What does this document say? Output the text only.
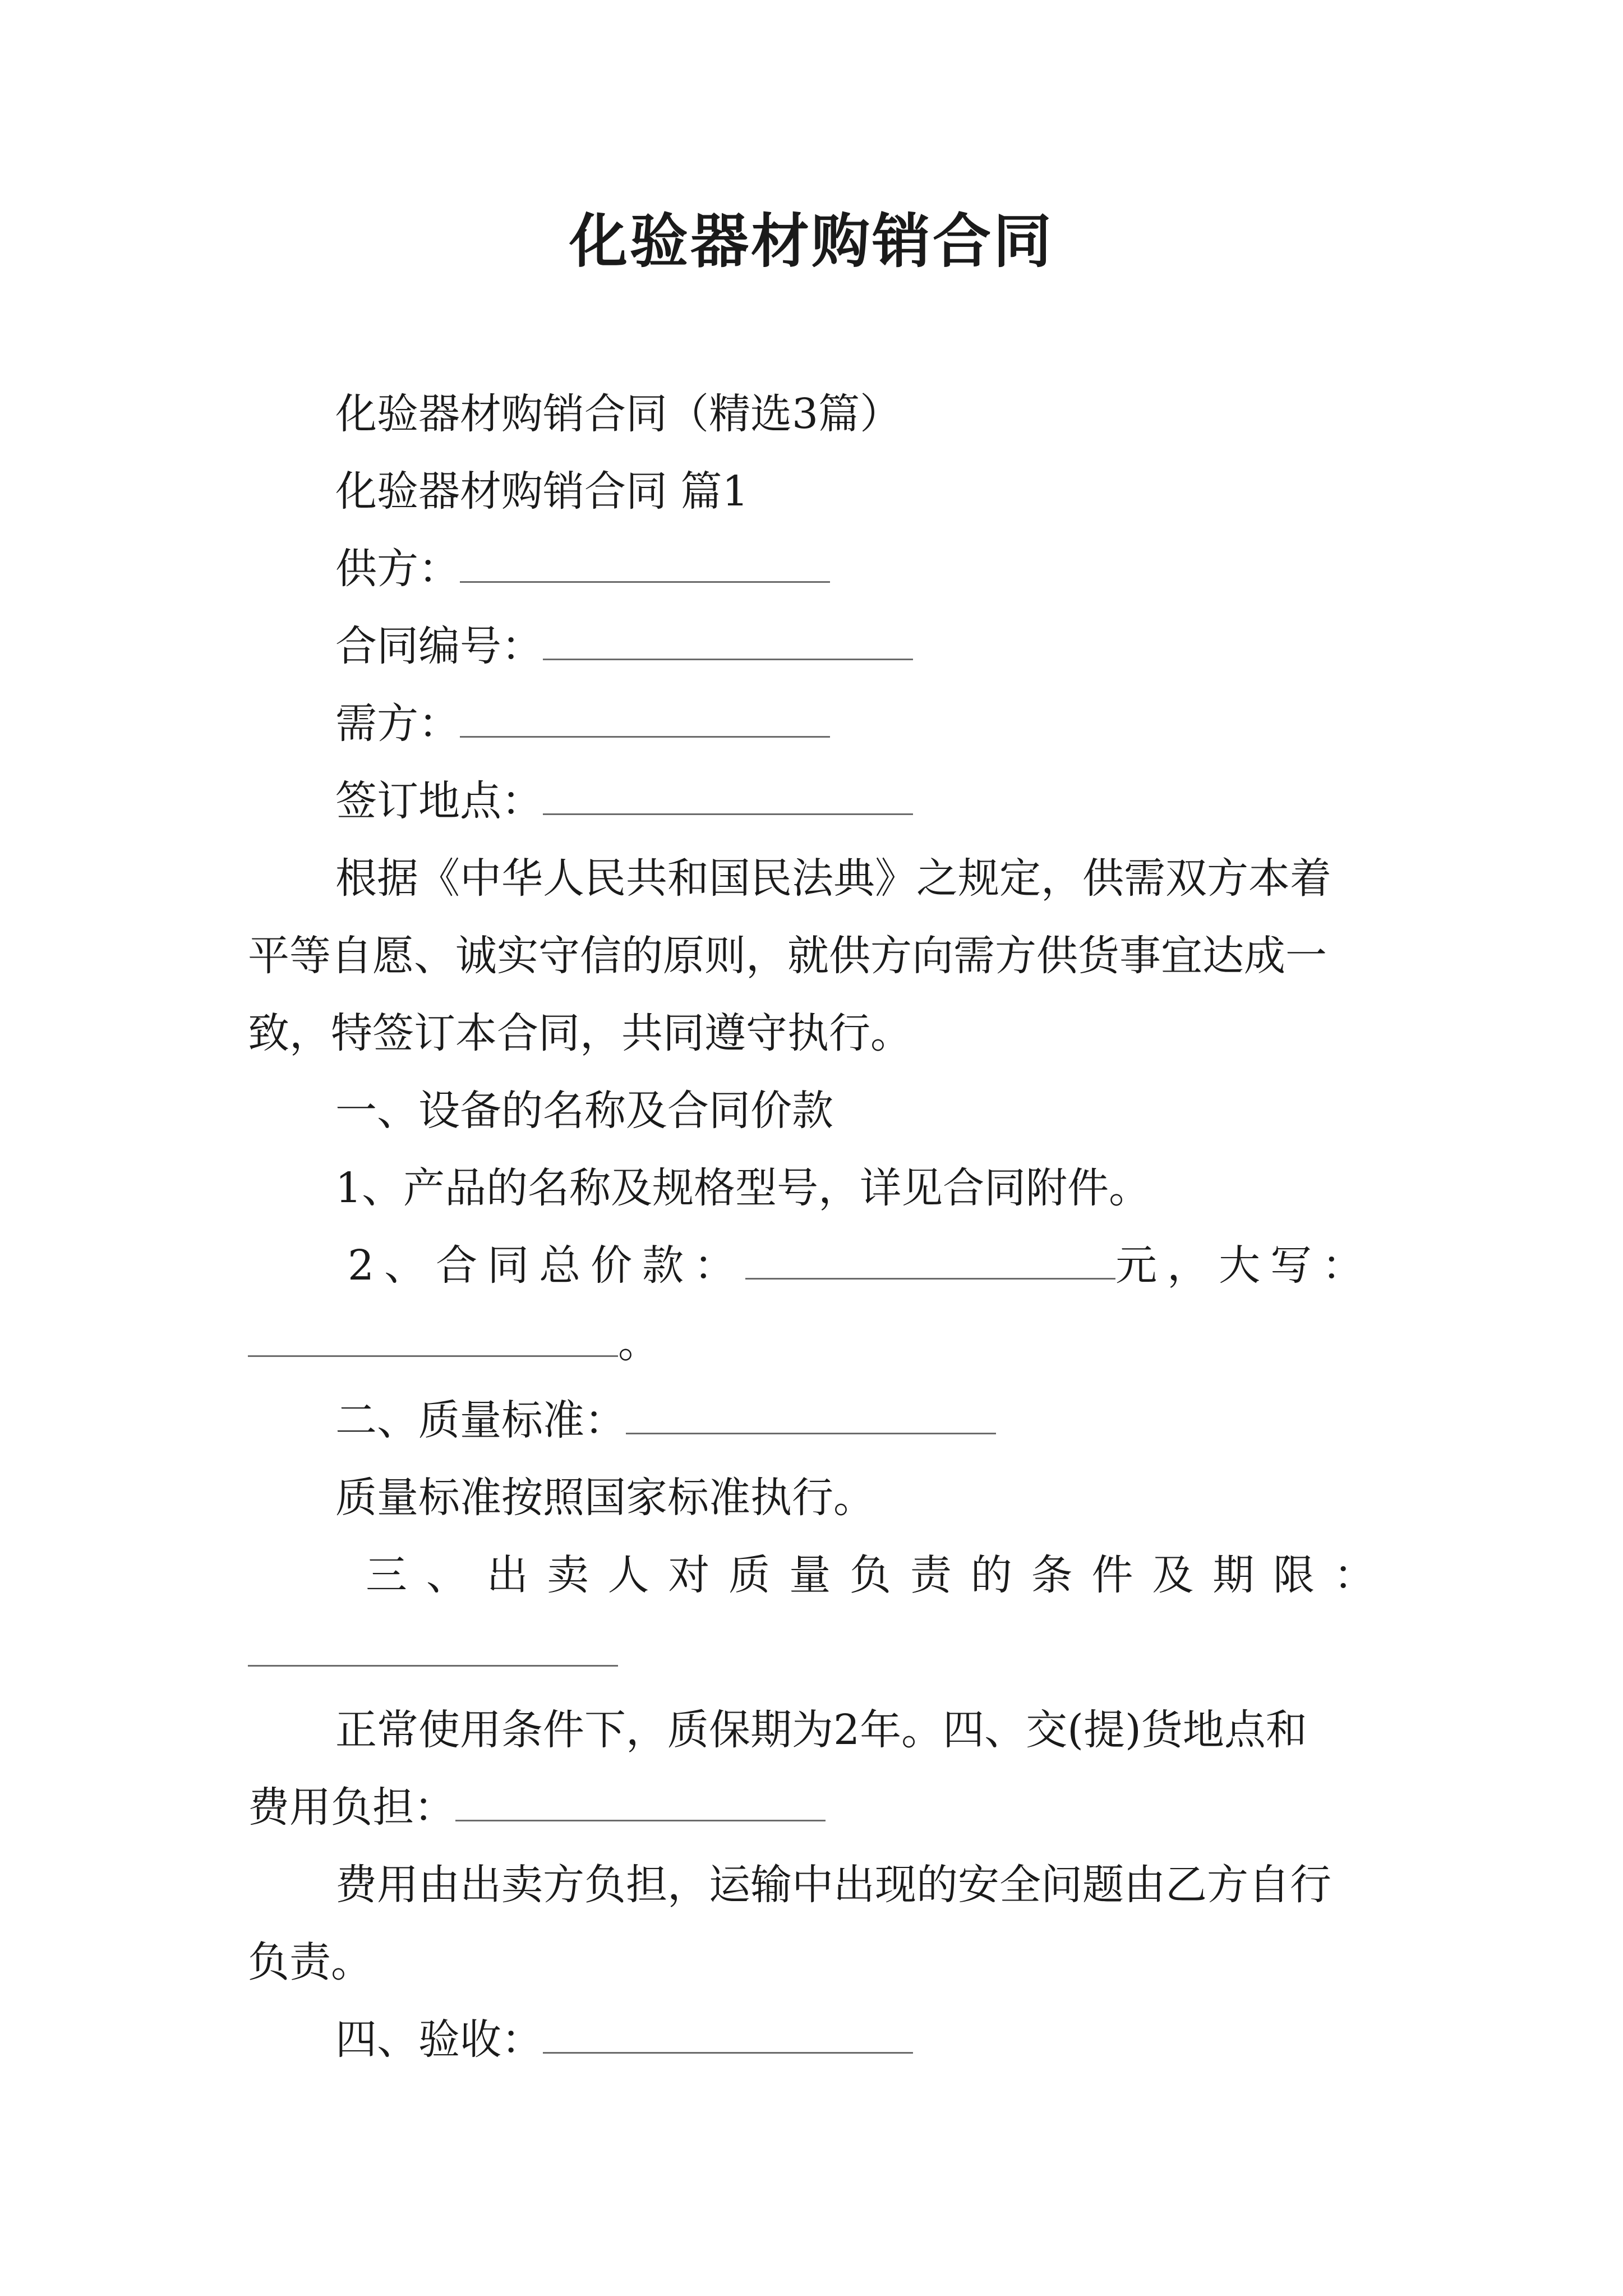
化验器材购销合同
化验器材购销合同（精选3篇）
化验器材购销合同 篇1
供方：
合同编号：
需方：
签订地点：
根据《中华人民共和国民法典》之规定，供需双方本着
平等自愿、诚实守信的原则，就供方向需方供货事宜达成一
致，特签订本合同，共同遵守执行。
一、设备的名称及合同价款
1、产品的名称及规格型号，详见合同附件。
2、合同总价款：	元，大写：
。
二、质量标准：
质量标准按照国家标准执行。
三、出卖人对质量负责的条件及期限：
正常使用条件下，质保期为2年。四、交(提)货地点和
费用负担：
费用由出卖方负担，运输中出现的安全问题由乙方自行
负责。
四、验收：
